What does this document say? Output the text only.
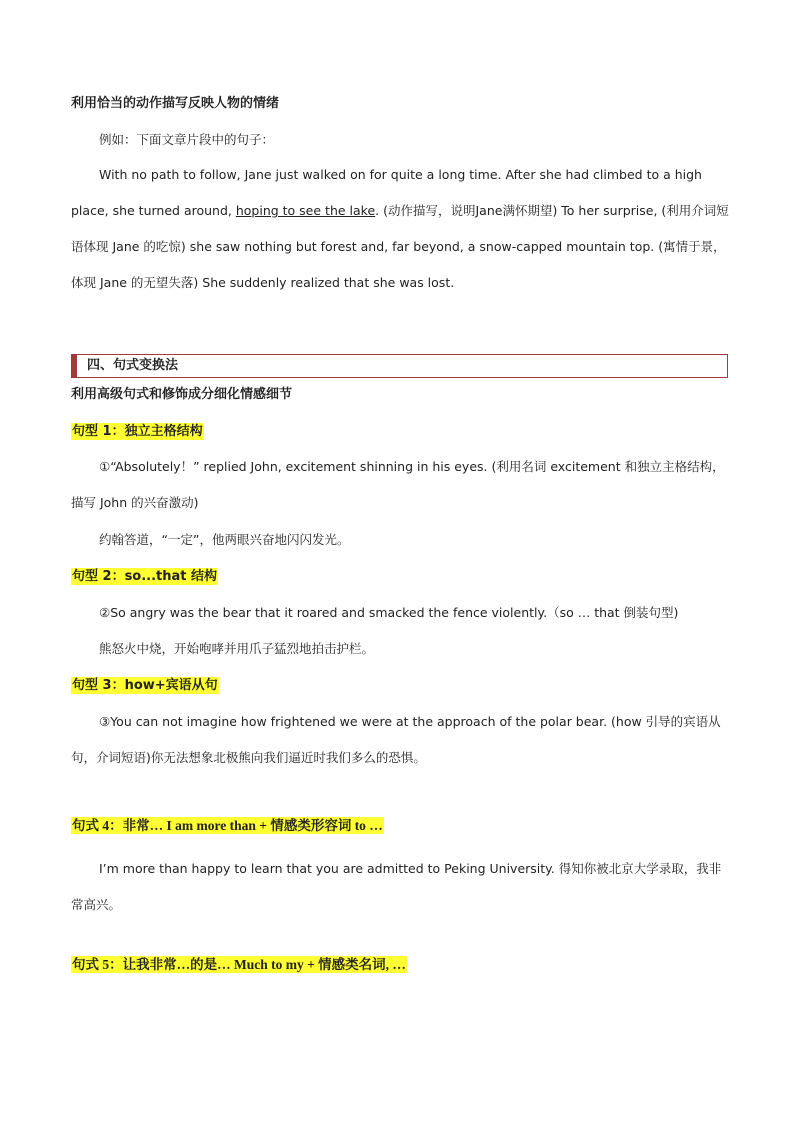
利用恰当的动作描写反映人物的情绪
例如：下面文章片段中的句子：
With no path to follow, Jane just walked on for quite a long time. After she had climbed to a high place, she turned around, hoping to see the lake. (动作描写，说明Jane满怀期望) To her surprise, (利用介词短语体现 Jane 的吃惊) she saw nothing but forest and, far beyond, a snow-capped mountain top. (寓情于景，体现 Jane 的无望失落) She suddenly realized that she was lost.
四、句式变换法
利用高级句式和修饰成分细化情感细节
句型 1：独立主格结构
①“Absolutely！” replied John, excitement shinning in his eyes. (利用名词 excitement 和独立主格结构，描写 John 的兴奋激动)
约翰答道，“一定”，他两眼兴奋地闪闪发光。
句型 2：so...that 结构
②So angry was the bear that it roared and smacked the fence violently.（so … that 倒装句型)
熊怒火中烧，开始咆哮并用爪子猛烈地拍击护栏。
句型 3：how+宾语从句
③You can not imagine how frightened we were at the approach of the polar bear. (how 引导的宾语从句，介词短语)你无法想象北极熊向我们逼近时我们多么的恐惧。
句式 4：非常… I am more than + 情感类形容词 to …
I’m more than happy to learn that you are admitted to Peking University. 得知你被北京大学录取，我非常高兴。
句式 5：让我非常…的是… Much to my + 情感类名词, …
